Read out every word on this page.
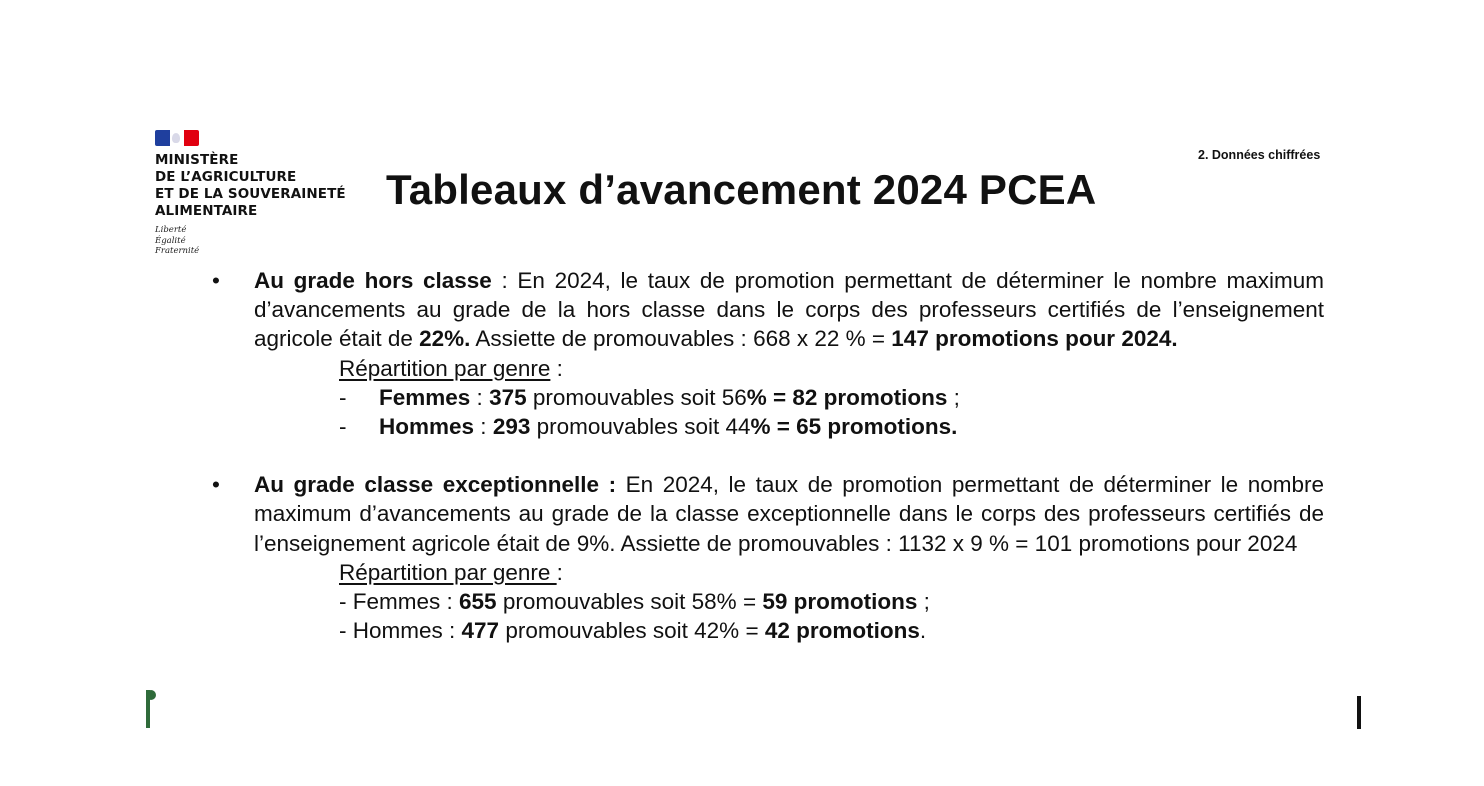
MINISTÈRE
DE L’AGRICULTURE
ET DE LA SOUVERAINETÉ
ALIMENTAIRE
Liberté
Égalité
Fraternité
2. Données chiffrées
Tableaux d’avancement 2024 PCEA
• Au grade hors classe : En 2024, le taux de promotion permettant de déterminer le nombre maximum d’avancements au grade de la hors classe dans le corps des professeurs certifiés de l’enseignement agricole était de 22%. Assiette de promouvables : 668 x 22 % = 147 promotions pour 2024.
Répartition par genre :
- Femmes : 375 promouvables soit 56% = 82 promotions ;
- Hommes : 293 promouvables soit 44% = 65 promotions.
• Au grade classe exceptionnelle : En 2024, le taux de promotion permettant de déterminer le nombre maximum d’avancements au grade de la classe exceptionnelle dans le corps des professeurs certifiés de l’enseignement agricole était de 9%. Assiette de promouvables : 1132 x 9 % = 101 promotions pour 2024
Répartition par genre :
- Femmes : 655 promouvables soit 58% = 59 promotions ;
- Hommes : 477 promouvables soit 42% = 42 promotions.
